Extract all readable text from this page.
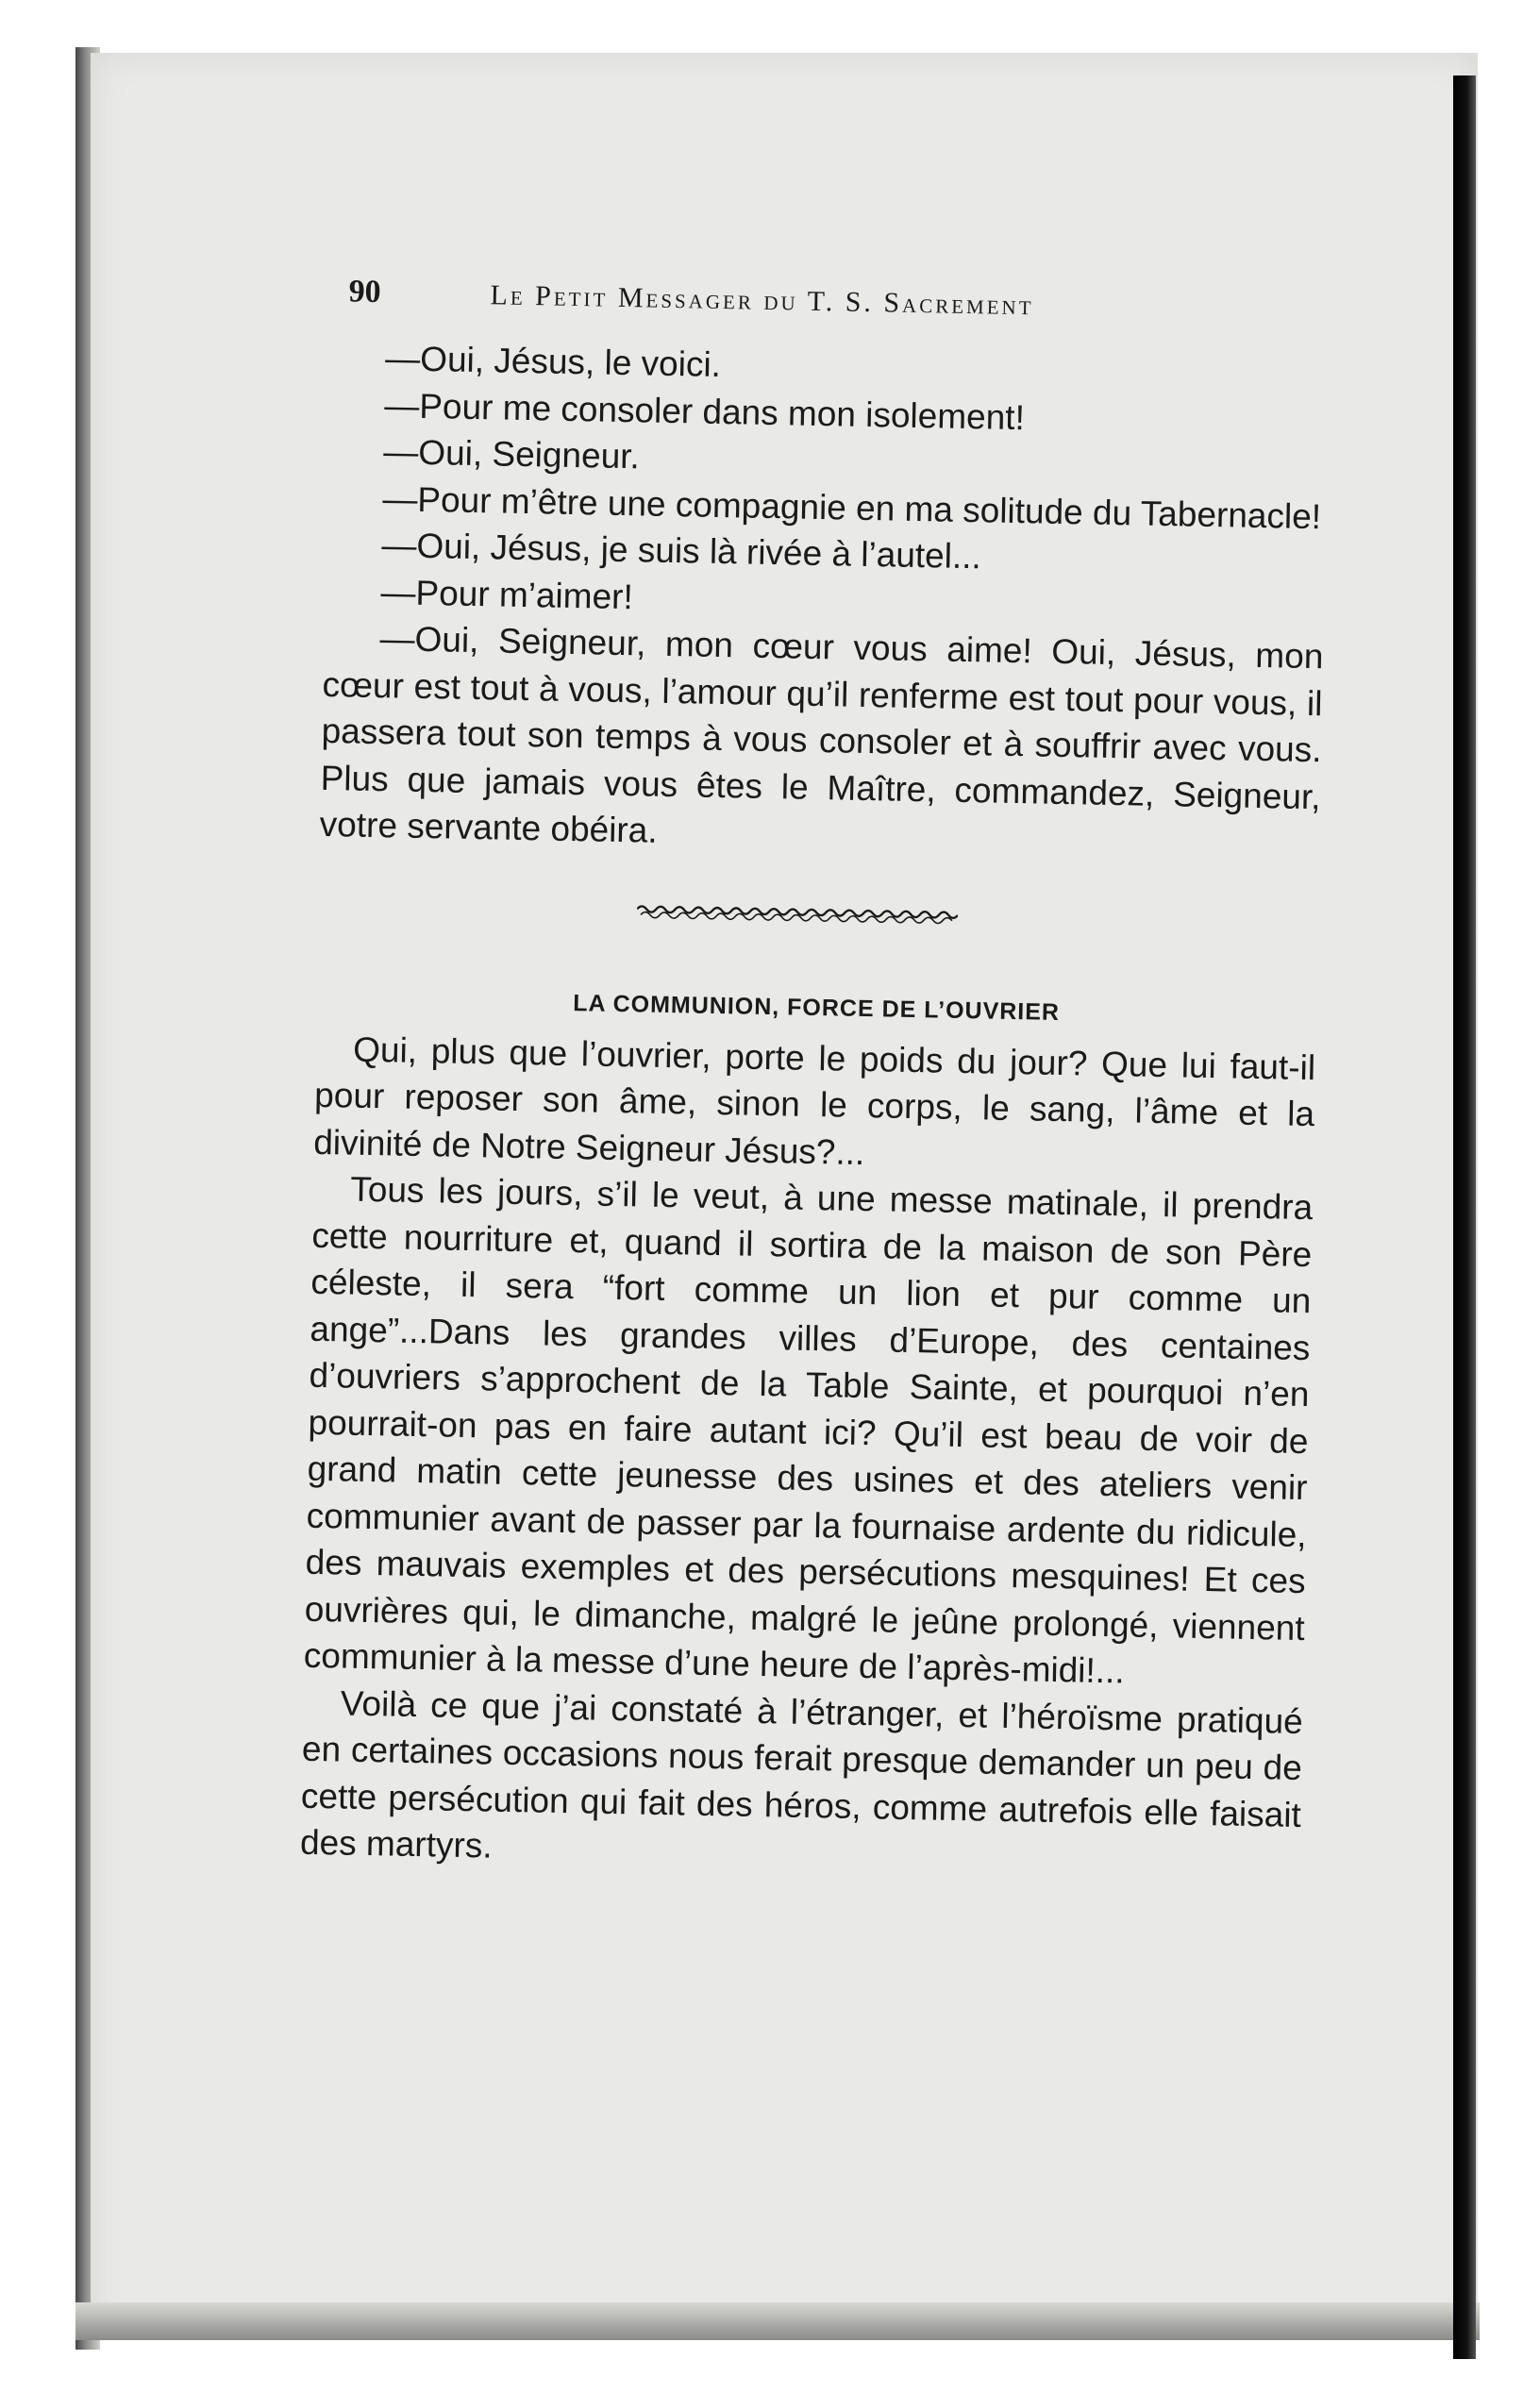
90	Le Petit Messager du T. S. Sacrement

—Oui, Jésus, le voici.

—Pour me consoler dans mon isolement!

—Oui, Seigneur.

—Pour m’être une compagnie en ma solitude du Tabernacle!

—Oui, Jésus, je suis là rivée à l’autel...

—Pour m’aimer!

—Oui, Seigneur, mon cœur vous aime! Oui, Jésus, mon cœur est tout à vous, l’amour qu’il renferme est tout pour vous, il passera tout son temps à vous consoler et à souffrir avec vous. Plus que jamais vous êtes le Maître, commandez, Seigneur, votre servante obéira.

LA COMMUNION, FORCE DE L’OUVRIER

Qui, plus que l’ouvrier, porte le poids du jour? Que lui faut-il pour reposer son âme, sinon le corps, le sang, l’âme et la divinité de Notre Seigneur Jésus?...

Tous les jours, s’il le veut, à une messe matinale, il prendra cette nourriture et, quand il sortira de la maison de son Père céleste, il sera “fort comme un lion et pur comme un ange”...Dans les grandes villes d’Europe, des centaines d’ouvriers s’approchent de la Table Sainte, et pourquoi n’en pourrait-on pas en faire autant ici? Qu’il est beau de voir de grand matin cette jeunesse des usines et des ateliers venir communier avant de passer par la fournaise ardente du ridicule, des mauvais exemples et des persécutions mesquines! Et ces ouvrières qui, le dimanche, malgré le jeûne prolongé, viennent communier à la messe d’une heure de l’après-midi!...

Voilà ce que j’ai constaté à l’étranger, et l’héroïsme pratiqué en certaines occasions nous ferait presque demander un peu de cette persécution qui fait des héros, comme autrefois elle faisait des martyrs.
